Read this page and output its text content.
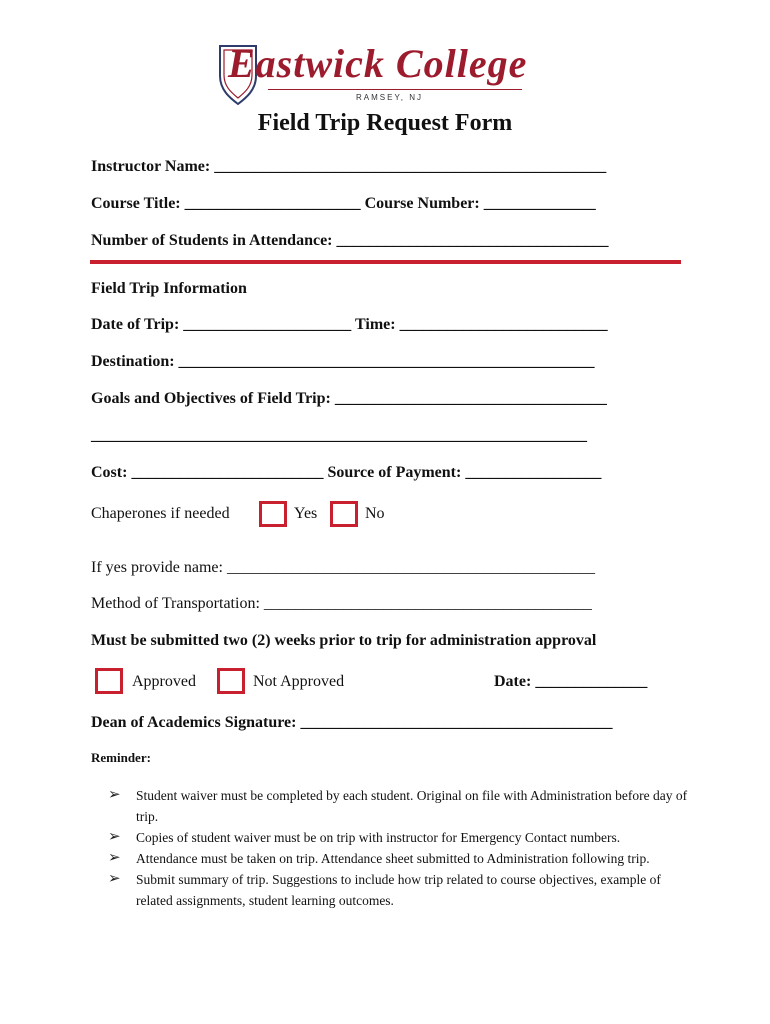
Eastwick College
RAMSEY, NJ
Field Trip Request Form
Instructor Name: _________________________________________________
Course Title: ______________________ Course Number: ______________
Number of Students in Attendance: __________________________________
Field Trip Information
Date of Trip: _____________________ Time: __________________________
Destination: ____________________________________________________
Goals and Objectives of Field Trip: __________________________________
______________________________________________________________
Cost: ________________________ Source of Payment: _________________
Chaperones if needed	Yes	No
If yes provide name: ______________________________________________
Method of Transportation: _________________________________________
Must be submitted two (2) weeks prior to trip for administration approval
Approved	Not Approved	Date: ______________
Dean of Academics Signature: _______________________________________
Reminder:
➢ Student waiver must be completed by each student. Original on file with Administration before day of trip.
➢ Copies of student waiver must be on trip with instructor for Emergency Contact numbers.
➢ Attendance must be taken on trip. Attendance sheet submitted to Administration following trip.
➢ Submit summary of trip. Suggestions to include how trip related to course objectives, example of related assignments, student learning outcomes.
